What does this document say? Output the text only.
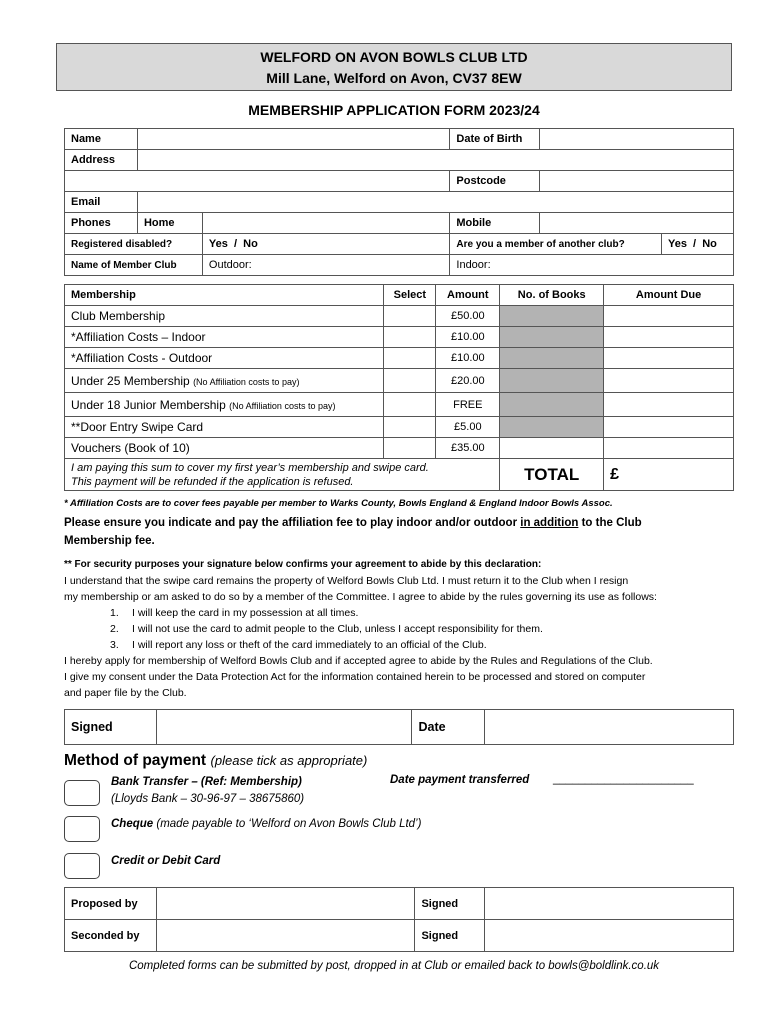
WELFORD ON AVON BOWLS CLUB LTD
Mill Lane, Welford on Avon, CV37 8EW
MEMBERSHIP APPLICATION FORM 2023/24
Name			Date of Birth		
Address					
			Postcode		
Email					
Phones	Home		Mobile		
Registered disabled?		Yes  /  No	Are you a member of another club?		Yes  /  No
Name of Member Club		Outdoor:	Indoor:		
Membership	Select	Amount	No. of Books	Amount Due
Club Membership		£50.00		
*Affiliation Costs – Indoor		£10.00		
*Affiliation Costs - Outdoor		£10.00		
Under 25 Membership (No Affiliation costs to pay)		£20.00		
Under 18 Junior Membership (No Affiliation costs to pay)		FREE		
**Door Entry Swipe Card		£5.00		
Vouchers (Book of 10)		£35.00		

I am paying this sum to cover my first year’s membership and swipe card.
This payment will be refunded if the application is refused.			TOTAL	£
* Affiliation Costs are to cover fees payable per member to Warks County, Bowls England & England Indoor Bowls Assoc.
Please ensure you indicate and pay the affiliation fee to play indoor and/or outdoor in addition to the Club
Membership fee.
** For security purposes your signature below confirms your agreement to abide by this declaration:
I understand that the swipe card remains the property of Welford Bowls Club Ltd. I must return it to the Club when I resign
my membership or am asked to do so by a member of the Committee. I agree to abide by the rules governing its use as follows:
1. I will keep the card in my possession at all times.
2. I will not use the card to admit people to the Club, unless I accept responsibility for them.
3. I will report any loss or theft of the card immediately to an official of the Club.
I hereby apply for membership of Welford Bowls Club and if accepted agree to abide by the Rules and Regulations of the Club.
I give my consent under the Data Protection Act for the information contained herein to be processed and stored on computer
and paper file by the Club.
Signed		Date	
Method of payment (please tick as appropriate)
Bank Transfer – (Ref: Membership)
(Lloyds Bank – 30-96-97 – 38675860)
Date payment transferred ______________________
Cheque (made payable to ‘Welford on Avon Bowls Club Ltd’)
Credit or Debit Card
Proposed by		Signed	
Seconded by		Signed	
Completed forms can be submitted by post, dropped in at Club or emailed back to bowls@boldlink.co.uk
